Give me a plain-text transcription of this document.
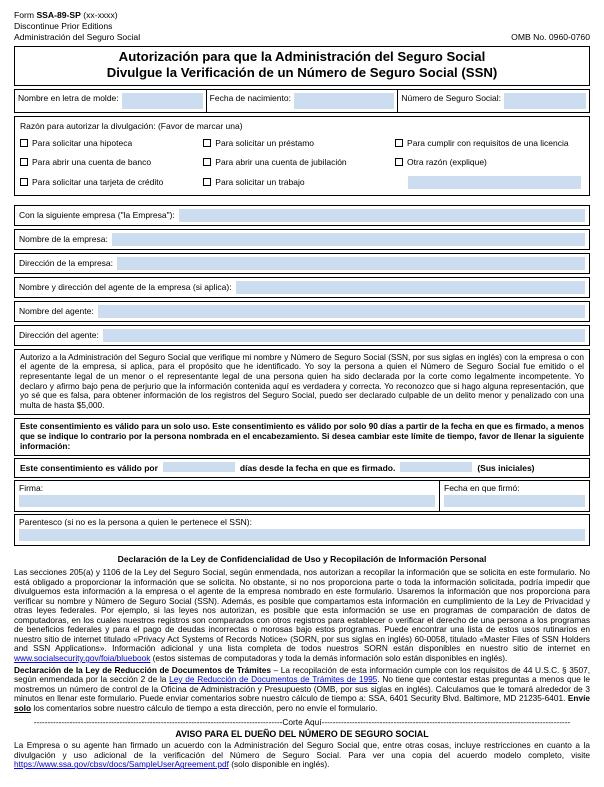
Form SSA-89-SP (xx-xxxx)
Discontinue Prior Editions
Administración del Seguro Social	OMB No. 0960-0760
Autorización para que la Administración del Seguro Social
Divulgue la Verificación de un Número de Seguro Social (SSN)
Nombre en letra de molde:	Fecha de nacimiento:	Número de Seguro Social:
Razón para autorizar la divulgación: (Favor de marcar una)
Para solicitar una hipoteca	Para solicitar un préstamo	Para cumplir con requisitos de una licencia
Para abrir una cuenta de banco	Para abrir una cuenta de jubilación	Otra razón (explique)
Para solicitar una tarjeta de crédito	Para solicitar un trabajo
Con la siguiente empresa ("la Empresa"):
Nombre de la empresa:
Dirección de la empresa:
Nombre y dirección del agente de la empresa (si aplica):
Nombre del agente:
Dirección del agente:
Autorizo a la Administración del Seguro Social que verifique mi nombre y Número de Seguro Social (SSN, por sus siglas en inglés) con la empresa o con el agente de la empresa, si aplica, para el propósito que he identificado. Yo soy la persona a quien el Número de Seguro Social fue emitido o el representante legal de un menor o el representante legal de una persona quien ha sido declarada por la corte como legalmente incompetente. Yo declaro y afirmo bajo pena de perjurio que la información contenida aquí es verdadera y correcta. Yo reconozco que si hago alguna representación, que yo sé que es falsa, para obtener información de los registros del Seguro Social, puedo ser declarado culpable de un delito menor y penalizado con una multa de hasta $5,000.
Este consentimiento es válido para un solo uso. Este consentimiento es válido por solo 90 días a partir de la fecha en que es firmado, a menos que se indique lo contrario por la persona nombrada en el encabezamiento. Si desea cambiar este límite de tiempo, favor de llenar la siguiente información:
Este consentimiento es válido por	días desde la fecha en que es firmado.	(Sus iniciales)
Firma:	Fecha en que firmó:
Parentesco (si no es la persona a quien le pertenece el SSN):
Declaración de la Ley de Confidencialidad de Uso y Recopilación de Información Personal
Las secciones 205(a) y 1106 de la Ley del Seguro Social, según enmendada, nos autorizan a recopilar la información que se solicita en este formulario. No está obligado a proporcionar la información que se solicita. No obstante, si no nos proporciona parte o toda la información solicitada, podría impedir que divulguemos esta información a la empresa o el agente de la empresa nombrado en este formulario. Usaremos la información que nos proporciona para verificar su nombre y Número de Seguro Social (SSN). Además, es posible que compartamos esta información en cumplimiento de la Ley de Privacidad y otras leyes federales. Por ejemplo, si las leyes nos autorizan, es posible que esta información se use en programas de comparación de datos de computadoras, en los cuales nuestros registros son comparados con otros registros para establecer o verificar el derecho de una persona a los programas de beneficios federales y para el pago de deudas incorrectas o morosas bajo estos programas. Puede encontrar una lista de estos usos rutinarios en nuestro sitio de internet titulado «Privacy Act Systems of Records Notice» (SORN, por sus siglas en inglés) 60-0058, titulado «Master Files of SSN Holders and SSN Applications». Información adicional y una lista completa de todos nuestros SORN están disponibles en nuestro sitio de internet en www.socialsecurity.gov/foia/bluebook (estos sistemas de computadoras y toda la demás información solo están disponibles en inglés).
Declaración de la Ley de Reducción de Documentos de Trámites – La recopilación de esta información cumple con los requisitos de 44 U.S.C. § 3507, según enmendada por la sección 2 de la Ley de Reducción de Documentos de Trámites de 1995. No tiene que contestar estas preguntas a menos que le mostremos un número de control de la Oficina de Administración y Presupuesto (OMB, por sus siglas en inglés). Calculamos que le tomará alrededor de 3 minutos en llenar este formulario. Puede enviar comentarios sobre nuestro cálculo de tiempo a: SSA, 6401 Security Blvd. Baltimore, MD 21235-6401. Envíe solo los comentarios sobre nuestro cálculo de tiempo a esta dirección, pero no envíe el formulario.
------------------------------------------------------------------------------------------ Corte Aquí ------------------------------------------------------------------------------------------
AVISO PARA EL DUEÑO DEL NÚMERO DE SEGURO SOCIAL
La Empresa o su agente han firmado un acuerdo con la Administración del Seguro Social que, entre otras cosas, incluye restricciones en cuanto a la divulgación y uso adicional de la verificación del Número de Seguro Social. Para ver una copia del acuerdo modelo completo, visite https://www.ssa.gov/cbsv/docs/SampleUserAgreement.pdf (solo disponible en inglés).
